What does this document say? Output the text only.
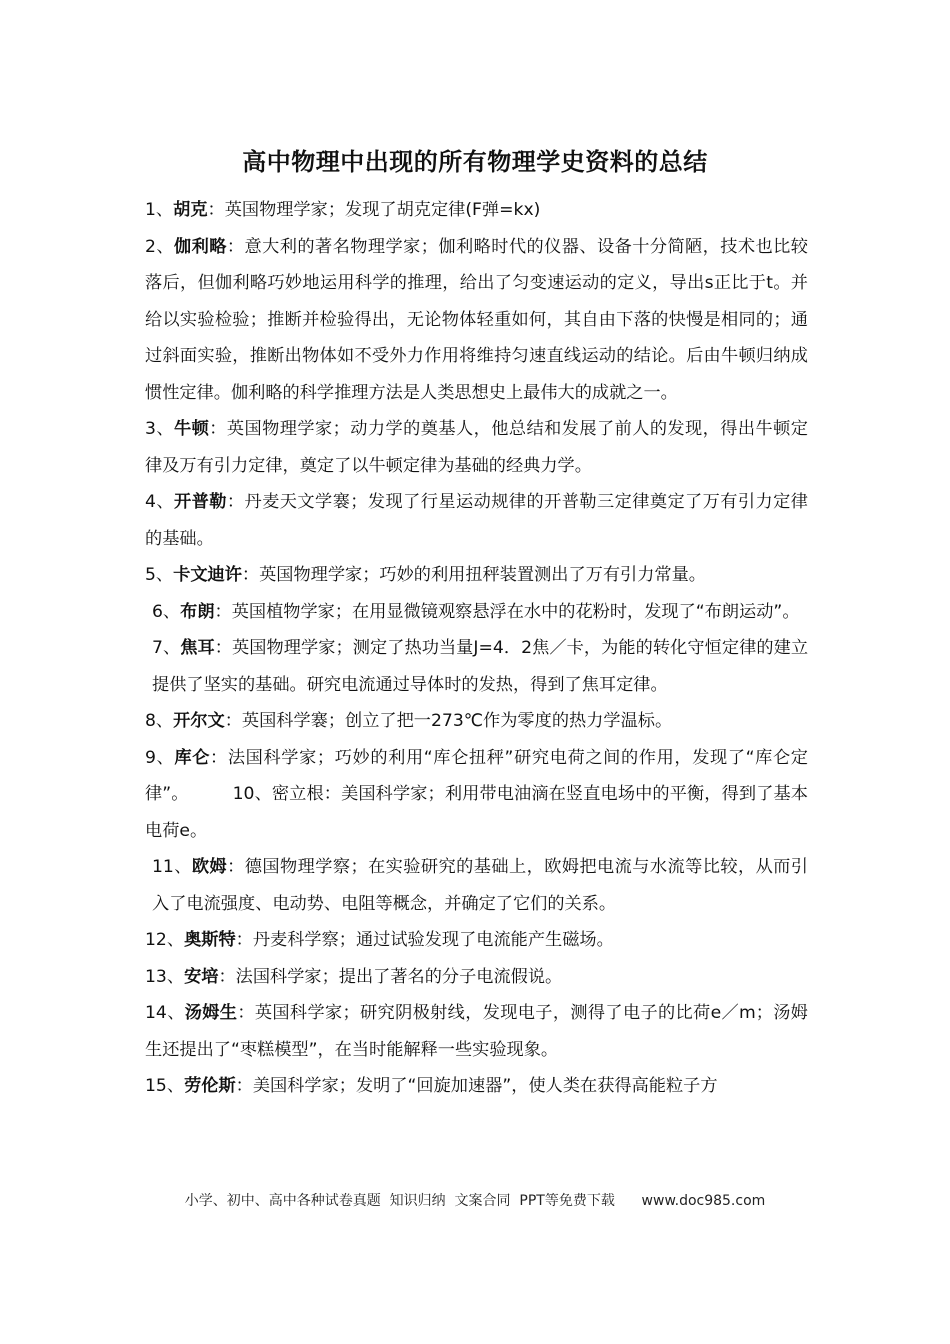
高中物理中出现的所有物理学史资料的总结

1、胡克：英国物理学家；发现了胡克定律(F弹=kx)

2、伽利略：意大利的著名物理学家；伽利略时代的仪器、设备十分简陋，技术也比较落后，但伽利略巧妙地运用科学的推理，给出了匀变速运动的定义，导出s正比于t。并给以实验检验；推断并检验得出，无论物体轻重如何，其自由下落的快慢是相同的；通过斜面实验，推断出物体如不受外力作用将维持匀速直线运动的结论。后由牛顿归纳成惯性定律。伽利略的科学推理方法是人类思想史上最伟大的成就之一。

3、牛顿：英国物理学家；动力学的奠基人，他总结和发展了前人的发现，得出牛顿定律及万有引力定律，奠定了以牛顿定律为基础的经典力学。

4、开普勒：丹麦天文学褰；发现了行星运动规律的开普勒三定律奠定了万有引力定律的基础。

5、卡文迪许：英国物理学家；巧妙的利用扭秤装置测出了万有引力常量。

6、布朗：英国植物学家；在用显微镜观察悬浮在水中的花粉时，发现了“布朗运动”。

7、焦耳：英国物理学家；测定了热功当量J=4．2焦／卡，为能的转化守恒定律的建立提供了坚实的基础。研究电流通过导体时的发热，得到了焦耳定律。

8、开尔文：英国科学褰；创立了把一273℃作为零度的热力学温标。

9、库仑：法国科学家；巧妙的利用“库仑扭秤”研究电荷之间的作用，发现了“库仑定律”。	10、密立根：美国科学家；利用带电油滴在竖直电场中的平衡，得到了基本电荷e。

11、欧姆：德国物理学察；在实验研究的基础上，欧姆把电流与水流等比较，从而引入了电流强度、电动势、电阻等概念，并确定了它们的关系。

12、奥斯特：丹麦科学察；通过试验发现了电流能产生磁场。

13、安培：法国科学家；提出了著名的分子电流假说。

14、汤姆生：英国科学家；研究阴极射线，发现电子，测得了电子的比荷e／m；汤姆生还提出了“枣糕模型”，在当时能解释一些实验现象。

15、劳伦斯：美国科学家；发明了“回旋加速器”，使人类在获得高能粒子方

小学、初中、高中各种试卷真题  知识归纳  文案合同  PPT等免费下载 www.doc985.com
